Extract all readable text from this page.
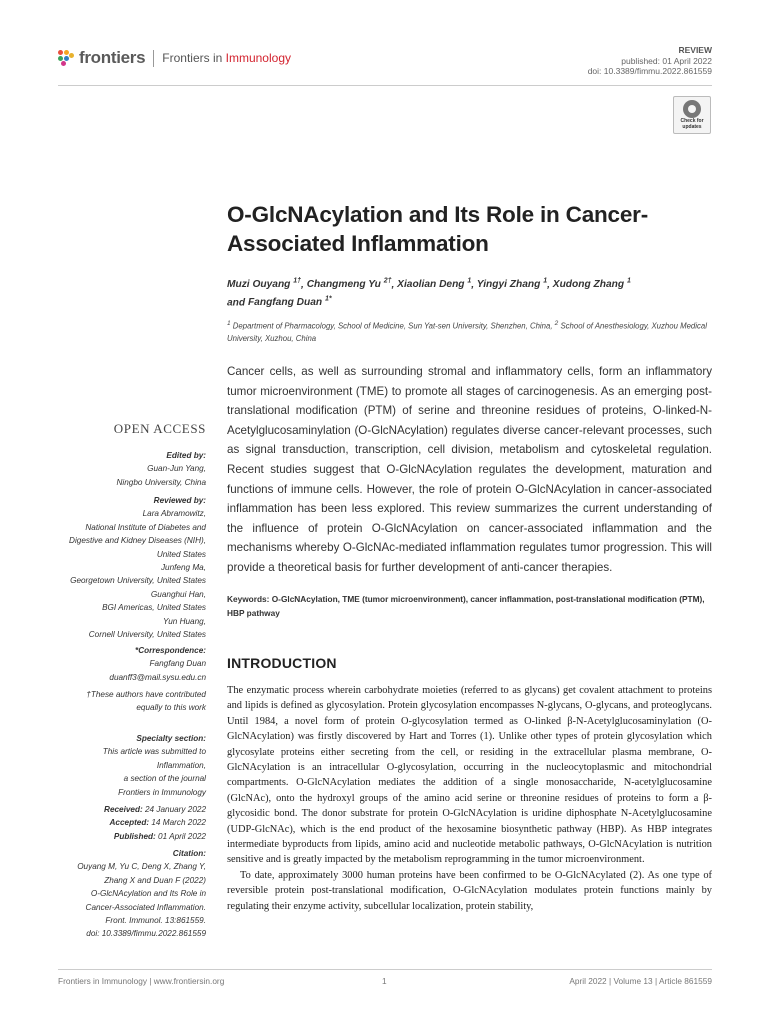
frontiers Frontiers in Immunology
REVIEW
published: 01 April 2022
doi: 10.3389/fimmu.2022.861559
Check for updates
O-GlcNAcylation and Its Role in Cancer-Associated Inflammation
Muzi Ouyang $^{1\dagger}$, Changmeng Yu $^{2\dagger}$, Xiaolian Deng $^1$, Yingyi Zhang $^1$, Xudong Zhang $^1$
and Fangfang Duan $^{1*}$
$^1$ Department of Pharmacology, School of Medicine, Sun Yat-sen University, Shenzhen, China, $^2$ School of Anesthesiology, Xuzhou Medical University, Xuzhou, China
Cancer cells, as well as surrounding stromal and inflammatory cells, form an inflammatory tumor microenvironment (TME) to promote all stages of carcinogenesis. As an emerging post-translational modification (PTM) of serine and threonine residues of proteins, O-linked-N-Acetylglucosaminylation (O-GlcNAcylation) regulates diverse cancer-relevant processes, such as signal transduction, transcription, cell division, metabolism and cytoskeletal regulation. Recent studies suggest that O-GlcNAcylation regulates the development, maturation and functions of immune cells. However, the role of protein O-GlcNAcylation in cancer-associated inflammation has been less explored. This review summarizes the current understanding of the influence of protein O-GlcNAcylation on cancer-associated inflammation and the mechanisms whereby O-GlcNAc-mediated inflammation regulates tumor progression. This will provide a theoretical basis for further development of anti-cancer therapies.
Keywords: O-GlcNAcylation, TME (tumor microenvironment), cancer inflammation, post-translational modification (PTM), HBP pathway
OPEN ACCESS
Edited by:
Guan-Jun Yang,
Ningbo University, China
Reviewed by:
Lara Abramowitz,
National Institute of Diabetes and
Digestive and Kidney Diseases (NIH),
United States
Junfeng Ma,
Georgetown University, United States
Guanghui Han,
BGI Americas, United States
Yun Huang,
Cornell University, United States
*Correspondence:
Fangfang Duan
duanff3@mail.sysu.edu.cn
†These authors have contributed
equally to this work
Specialty section:
This article was submitted to
Inflammation,
a section of the journal
Frontiers in Immunology
Received: 24 January 2022
Accepted: 14 March 2022
Published: 01 April 2022
Citation:
Ouyang M, Yu C, Deng X, Zhang Y,
Zhang X and Duan F (2022)
O-GlcNAcylation and Its Role in
Cancer-Associated Inflammation.
Front. Immunol. 13:861559.
doi: 10.3389/fimmu.2022.861559
INTRODUCTION

The enzymatic process wherein carbohydrate moieties (referred to as glycans) get covalent attachment to proteins and lipids is defined as glycosylation. Protein glycosylation encompasses N-glycans, O-glycans, and proteoglycans. Until 1984, a novel form of protein O-glycosylation termed as O-linked β-N-Acetylglucosaminylation (O-GlcNAcylation) was firstly discovered by Hart and Torres (1). Unlike other types of protein glycosylation which glycosylate proteins either secreting from the cell, or residing in the extracellular plasma membrane, O-GlcNAcylation is an intracellular O-glycosylation, occurring in the nucleocytoplasmic and mitochondrial compartments. O-GlcNAcylation mediates the addition of a single monosaccharide, N-acetylglucosamine (GlcNAc), onto the hydroxyl groups of the amino acid serine or threonine residues of proteins to form a β-glycosidic bond. The donor substrate for protein O-GlcNAcylation is uridine diphosphate N-Acetylglucosamine (UDP-GlcNAc), which is the end product of the hexosamine biosynthetic pathway (HBP). As HBP integrates intermediate byproducts from lipids, amino acid and nucleotide metabolic pathways, O-GlcNAcylation is nutrition sensitive and is greatly impacted by the metabolism reprogramming in the tumor microenvironment.

To date, approximately 3000 human proteins have been confirmed to be O-GlcNAcylated (2). As one type of reversible protein post-translational modification, O-GlcNAcylation modulates protein functions mainly by regulating their enzyme activity, subcellular localization, protein stability,

Frontiers in Immunology | www.frontiersin.org	1	April 2022 | Volume 13 | Article 861559
